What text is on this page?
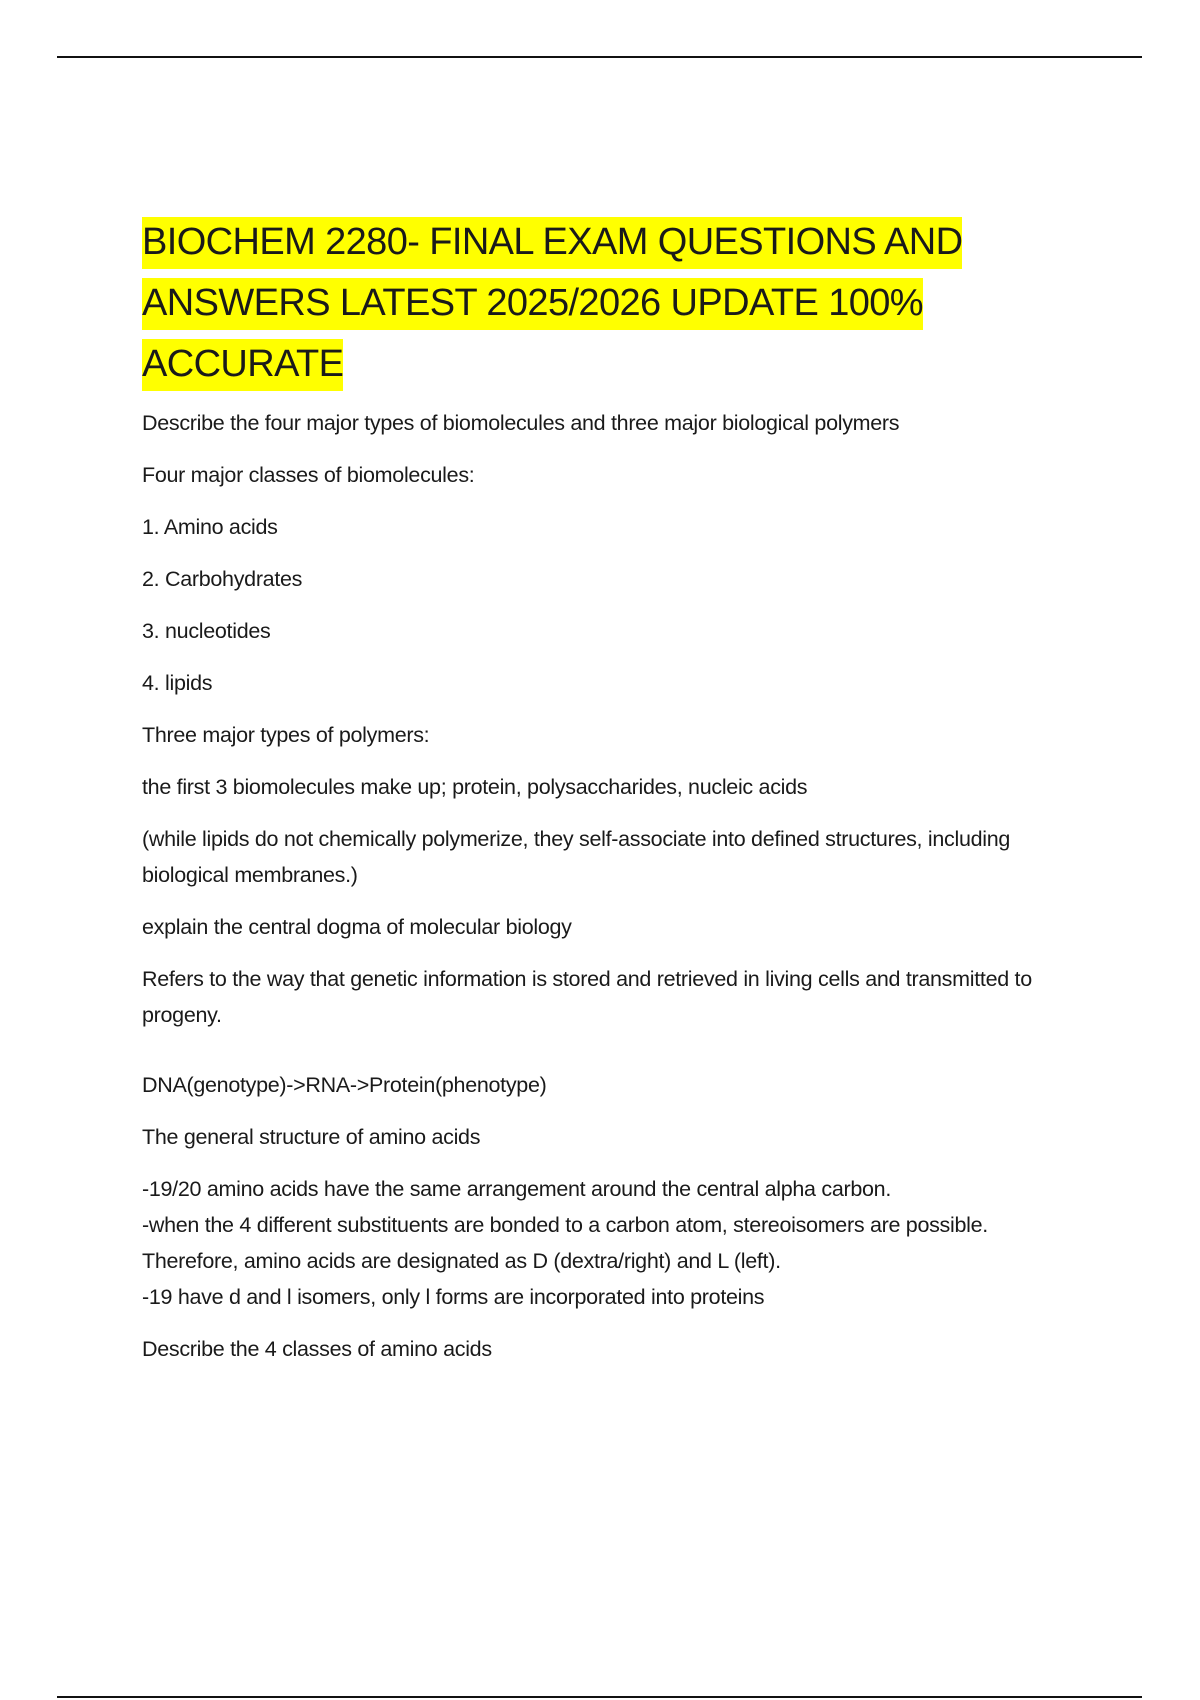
BIOCHEM 2280- FINAL EXAM QUESTIONS AND ANSWERS LATEST 2025/2026 UPDATE 100% ACCURATE

Describe the four major types of biomolecules and three major biological polymers

Four major classes of biomolecules:

1. Amino acids

2. Carbohydrates

3. nucleotides

4. lipids

Three major types of polymers:

the first 3 biomolecules make up; protein, polysaccharides, nucleic acids

(while lipids do not chemically polymerize, they self-associate into defined structures, including biological membranes.)

explain the central dogma of molecular biology

Refers to the way that genetic information is stored and retrieved in living cells and transmitted to progeny.

DNA(genotype)->RNA->Protein(phenotype)

The general structure of amino acids

-19/20 amino acids have the same arrangement around the central alpha carbon.

-when the 4 different substituents are bonded to a carbon atom, stereoisomers are possible. Therefore, amino acids are designated as D (dextra/right) and L (left).

-19 have d and l isomers, only l forms are incorporated into proteins

Describe the 4 classes of amino acids
